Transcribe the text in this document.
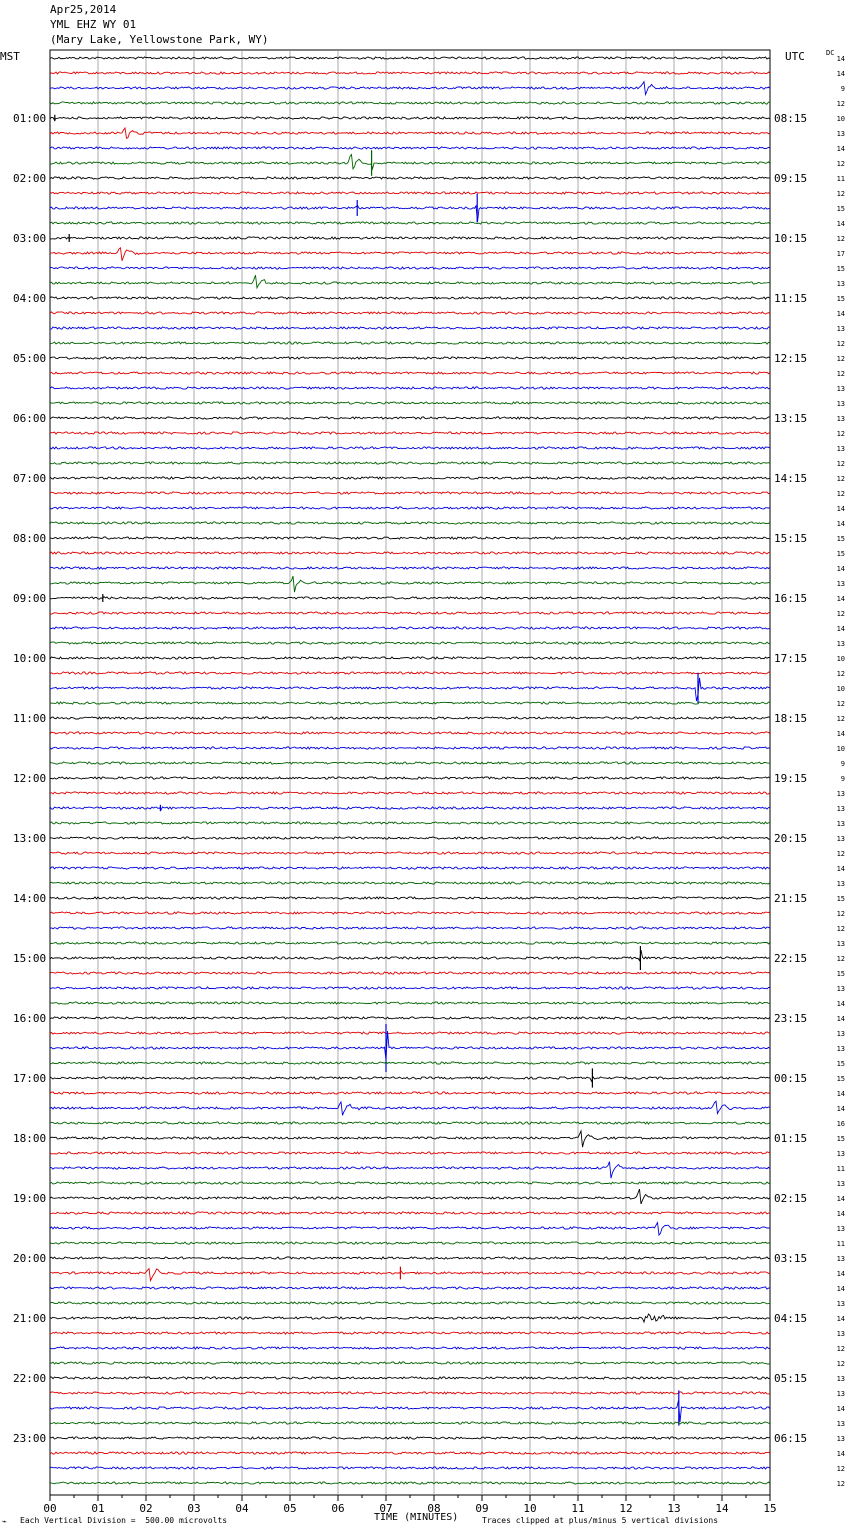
Apr25,2014
YML EHZ WY 01
(Mary Lake, Yellowstone Park, WY)
MST	UTC	DC
01:00
02:00
03:00
04:00
05:00
06:00
07:00
08:00
09:00
10:00
11:00
12:00
13:00
14:00
15:00
16:00
17:00
18:00
19:00
20:00
21:00
22:00
23:00
08:15
09:15
10:15
11:15
12:15
13:15
14:15
15:15
16:15
17:15
18:15
19:15
20:15
21:15
22:15
23:15
00:15
01:15
02:15
03:15
04:15
05:15
06:15
14
14
9
12
10
13
14
12
11
12
15
14
12
17
15
13
15
14
13
12
12
12
13
13
13
12
13
12
12
12
14
14
15
15
14
13
14
12
14
13
10
12
10
12
12
14
10
9
9
13
13
13
13
12
14
13
15
12
12
13
12
15
13
14
14
13
13
15
15
14
14
16
15
13
11
13
14
14
13
11
13
14
14
13
14
13
12
12
13
13
14
13
13
14
12
12
00	01	02	03	04	05	06	07	08	09	10	11	12	13	14	15
⌁ Each Vertical Division =  500.00 microvolts	TIME (MINUTES)	Traces clipped at plus/minus 5 vertical divisions
